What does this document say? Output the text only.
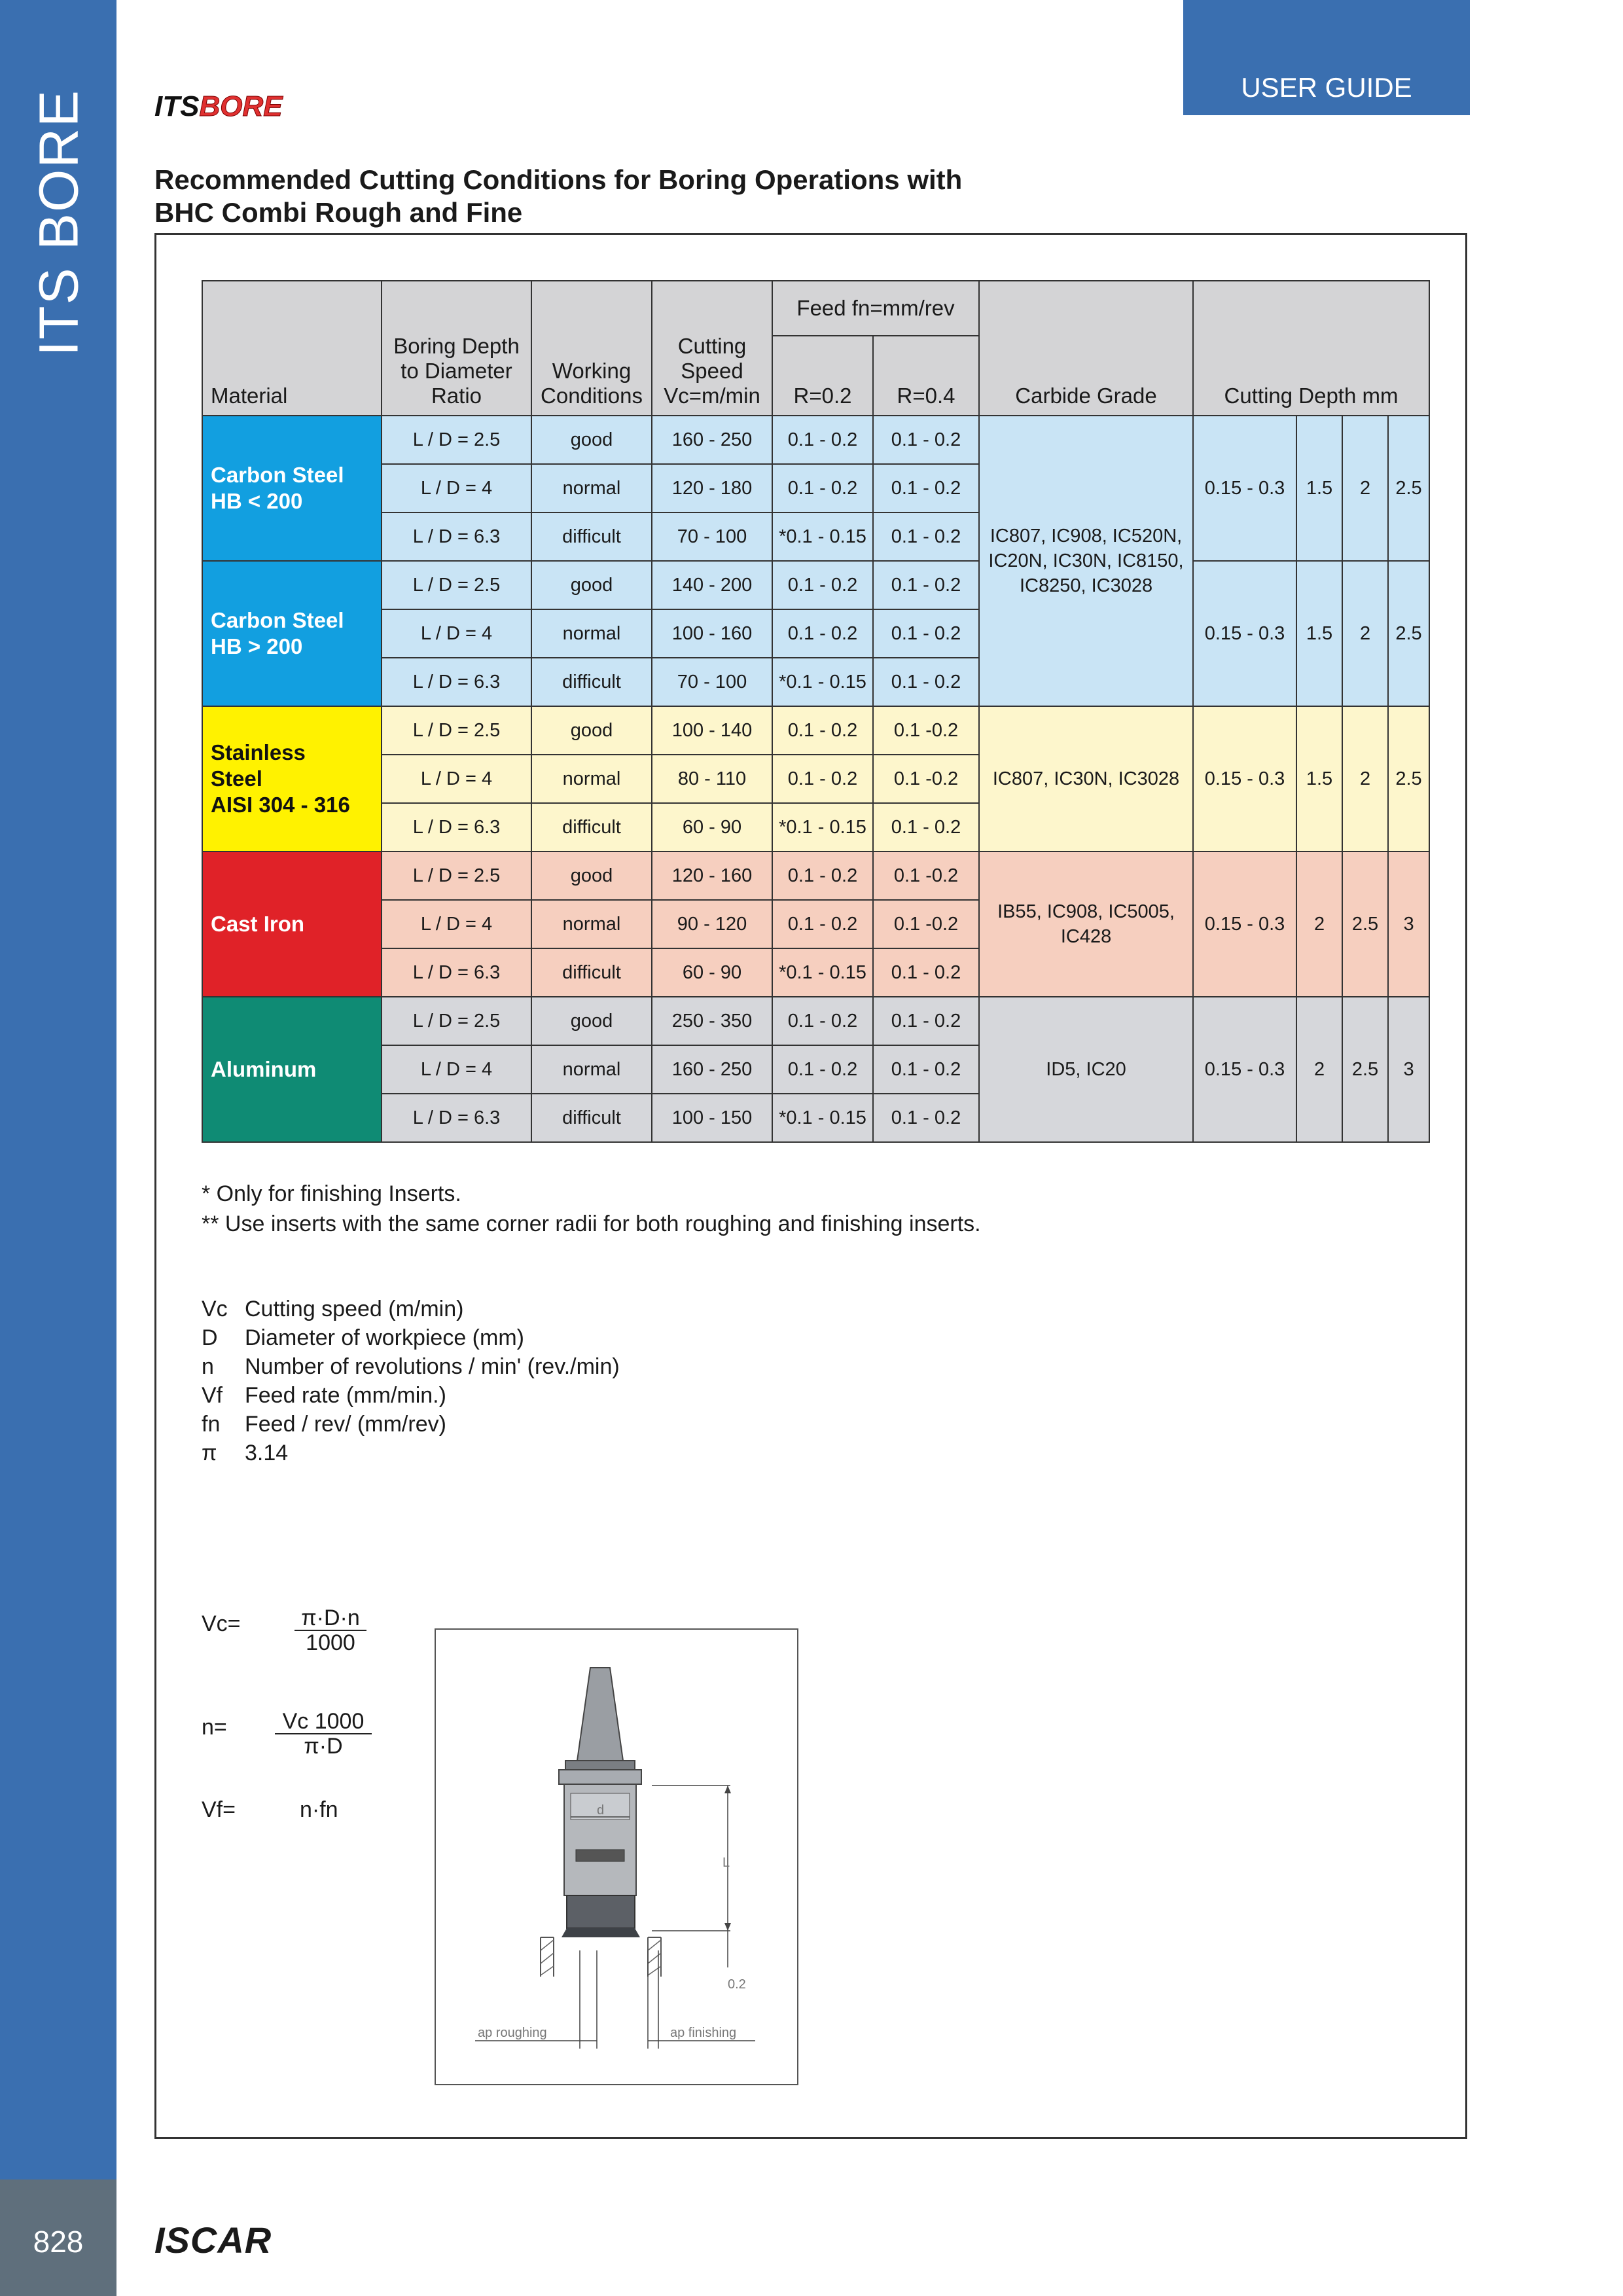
ITS BORE
828	ISCAR
USER GUIDE
ITSBORE
Recommended Cutting Conditions for Boring Operations with
BHC Combi Rough and Fine
Material	Boring Depth to Diameter Ratio	Working Conditions	Cutting Speed
Vc=m/min	Feed fn=mm/rev		Carbide Grade	Cutting Depth mm			
				R=0.2	R=0.4					

Carbon Steel
HB < 200	L / D = 2.5	good	160 - 250	0.1 - 0.2	0.1 - 0.2	IC807, IC908, IC520N, IC20N, IC30N, IC8150, IC8250, IC3028	0.15 - 0.3	1.5	2	2.5
	L / D = 4	normal	120 - 180	0.1 - 0.2	0.1 - 0.2					
	L / D = 6.3	difficult	70 - 100	*0.1 - 0.15	0.1 - 0.2					

Carbon Steel
HB > 200	L / D = 2.5	good	140 - 200	0.1 - 0.2	0.1 - 0.2		0.15 - 0.3	1.5	2	2.5
	L / D = 4	normal	100 - 160	0.1 - 0.2	0.1 - 0.2					
	L / D = 6.3	difficult	70 - 100	*0.1 - 0.15	0.1 - 0.2					

Stainless
Steel
AISI 304 - 316	L / D = 2.5	good	100 - 140	0.1 - 0.2	0.1 -0.2	IC807, IC30N, IC3028	0.15 - 0.3	1.5	2	2.5
	L / D = 4	normal	80 - 110	0.1 - 0.2	0.1 -0.2					
	L / D = 6.3	difficult	60 - 90	*0.1 - 0.15	0.1 - 0.2					

Cast Iron	L / D = 2.5	good	120 - 160	0.1 - 0.2	0.1 -0.2	IB55, IC908, IC5005, IC428	0.15 - 0.3	2	2.5	3
	L / D = 4	normal	90 - 120	0.1 - 0.2	0.1 -0.2					
	L / D = 6.3	difficult	60 - 90	*0.1 - 0.15	0.1 - 0.2					

Aluminum	L / D = 2.5	good	250 - 350	0.1 - 0.2	0.1 - 0.2	ID5, IC20	0.15 - 0.3	2	2.5	3
	L / D = 4	normal	160 - 250	0.1 - 0.2	0.1 - 0.2					
	L / D = 6.3	difficult	100 - 150	*0.1 - 0.15	0.1 - 0.2					
* Only for finishing Inserts.
** Use inserts with the same corner radii for both roughing and finishing inserts.
Vc Cutting speed (m/min)
D	Diameter of workpiece (mm)
n	Number of revolutions / min' (rev./min)
Vf Feed rate (mm/min.)
fn	Feed / rev/ (mm/rev)
π	3.14
$Vc= \frac{\pi\cdot D\cdot n}{1000}$
$n= \frac{Vc 1000}{\pi\cdot D}$
Vf=	n·fn	d
L
0.2
ap roughing	ap finishing
